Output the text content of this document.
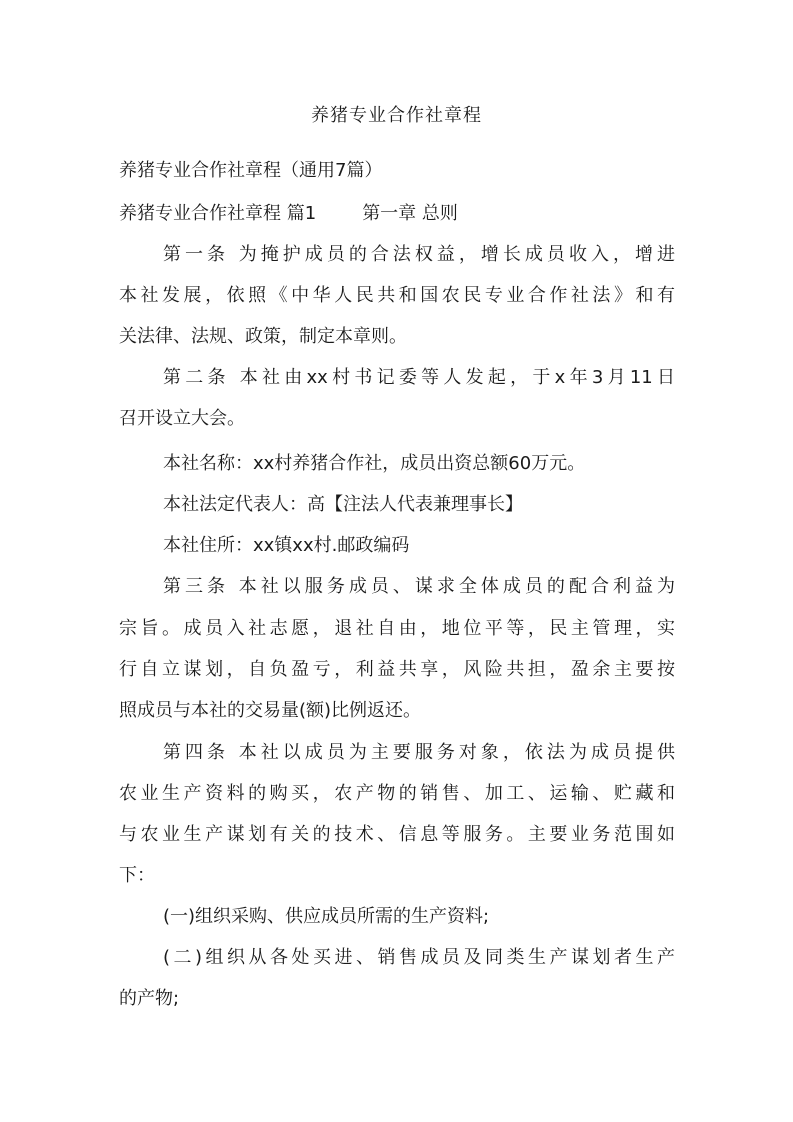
养猪专业合作社章程
养猪专业合作社章程（通用7篇）
养猪专业合作社章程 篇1	第一章 总则
第一条 为掩护成员的合法权益，增长成员收入，增进
本社发展，依照《中华人民共和国农民专业合作社法》和有
关法律、法规、政策，制定本章则。
第二条 本社由xx村书记委等人发起，于x年3月11日
召开设立大会。
本社名称：xx村养猪合作社，成员出资总额60万元。
本社法定代表人：高【注法人代表兼理事长】
本社住所：xx镇xx村.邮政编码
第三条 本社以服务成员、谋求全体成员的配合利益为
宗旨。成员入社志愿，退社自由，地位平等，民主管理，实
行自立谋划，自负盈亏，利益共享，风险共担，盈余主要按
照成员与本社的交易量(额)比例返还。
第四条 本社以成员为主要服务对象，依法为成员提供
农业生产资料的购买，农产物的销售、加工、运输、贮藏和
与农业生产谋划有关的技术、信息等服务。主要业务范围如
下：
(一)组织采购、供应成员所需的生产资料;
(二)组织从各处买进、销售成员及同类生产谋划者生产
的产物;
